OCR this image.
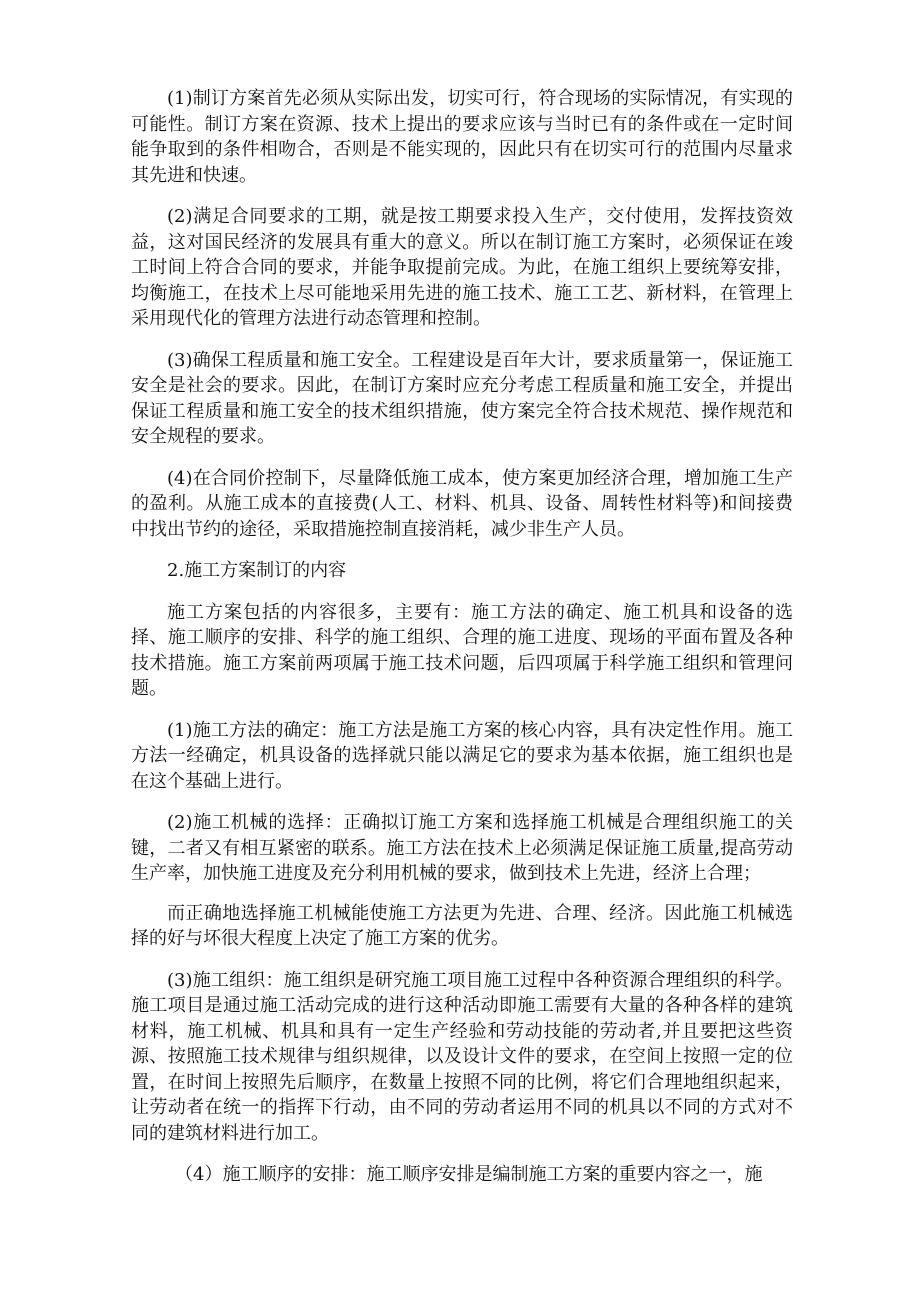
(1)制订方案首先必须从实际出发，切实可行，符合现场的实际情况，有实现的可能性。制订方案在资源、技术上提出的要求应该与当时已有的条件或在一定时间能争取到的条件相吻合，否则是不能实现的，因此只有在切实可行的范围内尽量求其先进和快速。

(2)满足合同要求的工期，就是按工期要求投入生产，交付使用，发挥技资效益，这对国民经济的发展具有重大的意义。所以在制订施工方案时，必须保证在竣工时间上符合合同的要求，并能争取提前完成。为此，在施工组织上要统筹安排，均衡施工，在技术上尽可能地采用先进的施工技术、施工工艺、新材料，在管理上采用现代化的管理方法进行动态管理和控制。

(3)确保工程质量和施工安全。工程建设是百年大计，要求质量第一，保证施工安全是社会的要求。因此，在制订方案时应充分考虑工程质量和施工安全，并提出保证工程质量和施工安全的技术组织措施，使方案完全符合技术规范、操作规范和安全规程的要求。

(4)在合同价控制下，尽量降低施工成本，使方案更加经济合理，增加施工生产的盈利。从施工成本的直接费(人工、材料、机具、设备、周转性材料等)和间接费中找出节约的途径，采取措施控制直接消耗，减少非生产人员。

2.施工方案制订的内容

施工方案包括的内容很多，主要有：施工方法的确定、施工机具和设备的选择、施工顺序的安排、科学的施工组织、合理的施工进度、现场的平面布置及各种技术措施。施工方案前两项属于施工技术问题，后四项属于科学施工组织和管理问题。

(1)施工方法的确定：施工方法是施工方案的核心内容，具有决定性作用。施工方法一经确定，机具设备的选择就只能以满足它的要求为基本依据，施工组织也是在这个基础上进行。

(2)施工机械的选择：正确拟订施工方案和选择施工机械是合理组织施工的关键，二者又有相互紧密的联系。施工方法在技术上必须满足保证施工质量,提高劳动生产率，加快施工进度及充分利用机械的要求，做到技术上先进，经济上合理；

而正确地选择施工机械能使施工方法更为先进、合理、经济。因此施工机械选择的好与坏很大程度上决定了施工方案的优劣。

(3)施工组织：施工组织是研究施工项目施工过程中各种资源合理组织的科学。施工项目是通过施工活动完成的进行这种活动即施工需要有大量的各种各样的建筑材料，施工机械、机具和具有一定生产经验和劳动技能的劳动者,并且要把这些资源、按照施工技术规律与组织规律，以及设计文件的要求，在空间上按照一定的位置，在时间上按照先后顺序，在数量上按照不同的比例，将它们合理地组织起来，让劳动者在统一的指挥下行动，由不同的劳动者运用不同的机具以不同的方式对不同的建筑材料进行加工。

（4）施工顺序的安排：施工顺序安排是编制施工方案的重要内容之一，施
